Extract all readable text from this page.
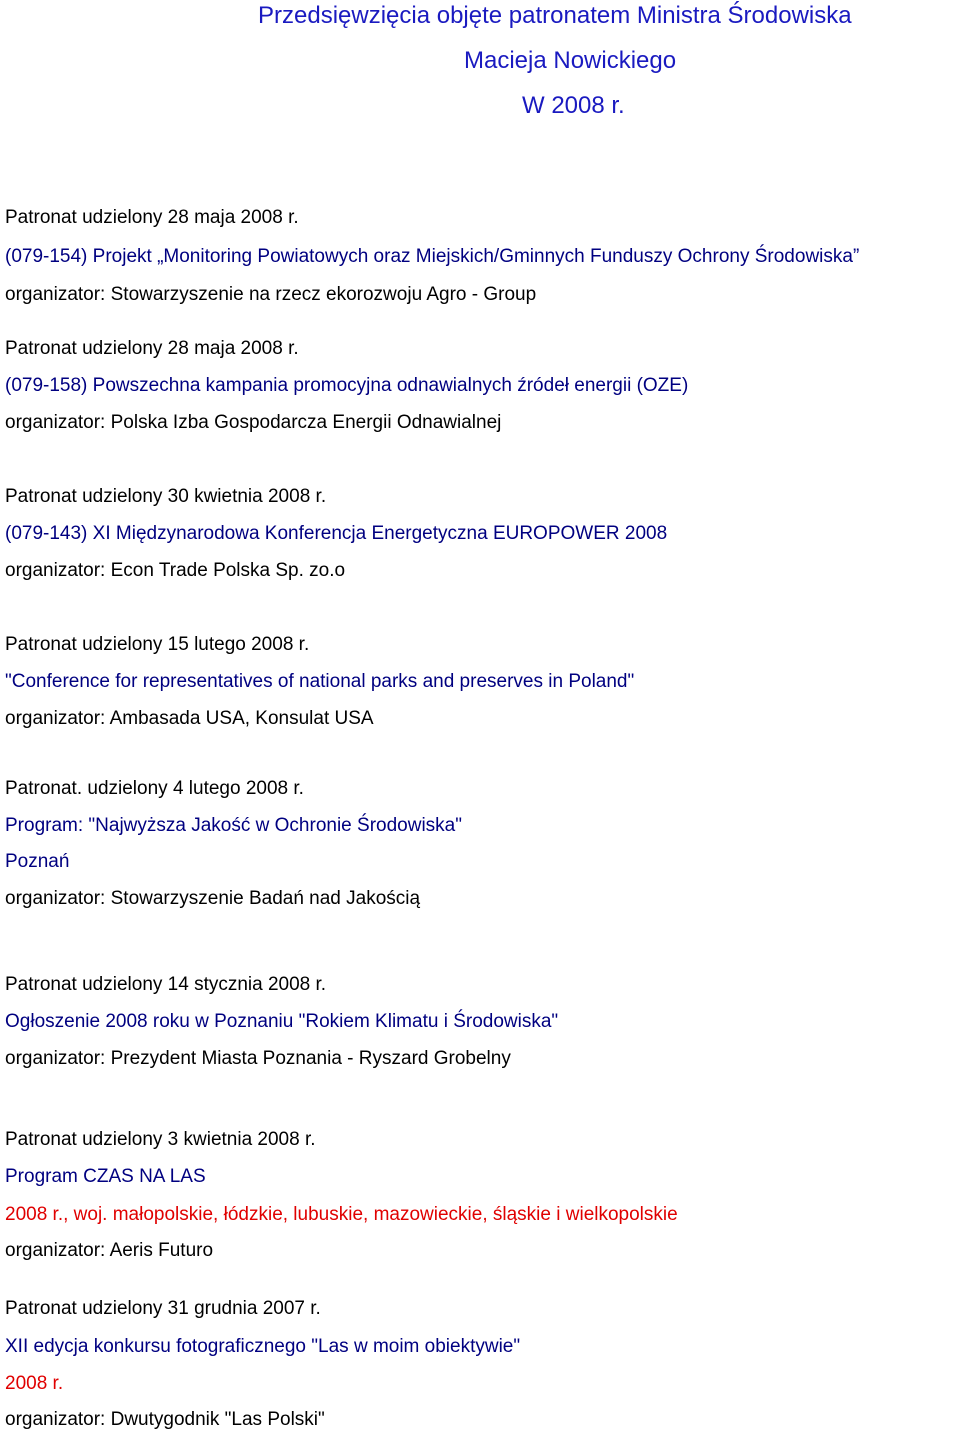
Przedsięwzięcia objęte patronatem Ministra Środowiska
Macieja Nowickiego
W 2008 r.
Patronat udzielony 28 maja 2008 r.
(079-154) Projekt „Monitoring Powiatowych oraz Miejskich/Gminnych Funduszy Ochrony Środowiska”
organizator: Stowarzyszenie na rzecz ekorozwoju Agro - Group
Patronat udzielony 28 maja 2008 r.
(079-158) Powszechna kampania promocyjna odnawialnych źródeł energii (OZE)
organizator: Polska Izba Gospodarcza Energii Odnawialnej
Patronat udzielony 30 kwietnia 2008 r.
(079-143) XI Międzynarodowa Konferencja Energetyczna EUROPOWER 2008
organizator: Econ Trade Polska Sp. zo.o
Patronat udzielony 15 lutego 2008 r.
"Conference for representatives of national parks and preserves in Poland"
organizator: Ambasada USA, Konsulat USA
Patronat. udzielony 4 lutego 2008 r.
Program: "Najwyższa Jakość w Ochronie Środowiska"
Poznań
organizator: Stowarzyszenie Badań nad Jakością
Patronat udzielony 14 stycznia 2008 r.
Ogłoszenie 2008 roku w Poznaniu "Rokiem Klimatu i Środowiska"
organizator: Prezydent Miasta Poznania - Ryszard Grobelny
Patronat udzielony 3 kwietnia 2008 r.
Program CZAS NA LAS
2008 r., woj. małopolskie, łódzkie, lubuskie, mazowieckie, śląskie i wielkopolskie
organizator: Aeris Futuro
Patronat udzielony 31 grudnia 2007 r.
XII edycja konkursu fotograficznego "Las w moim obiektywie"
2008 r.
organizator: Dwutygodnik "Las Polski"
